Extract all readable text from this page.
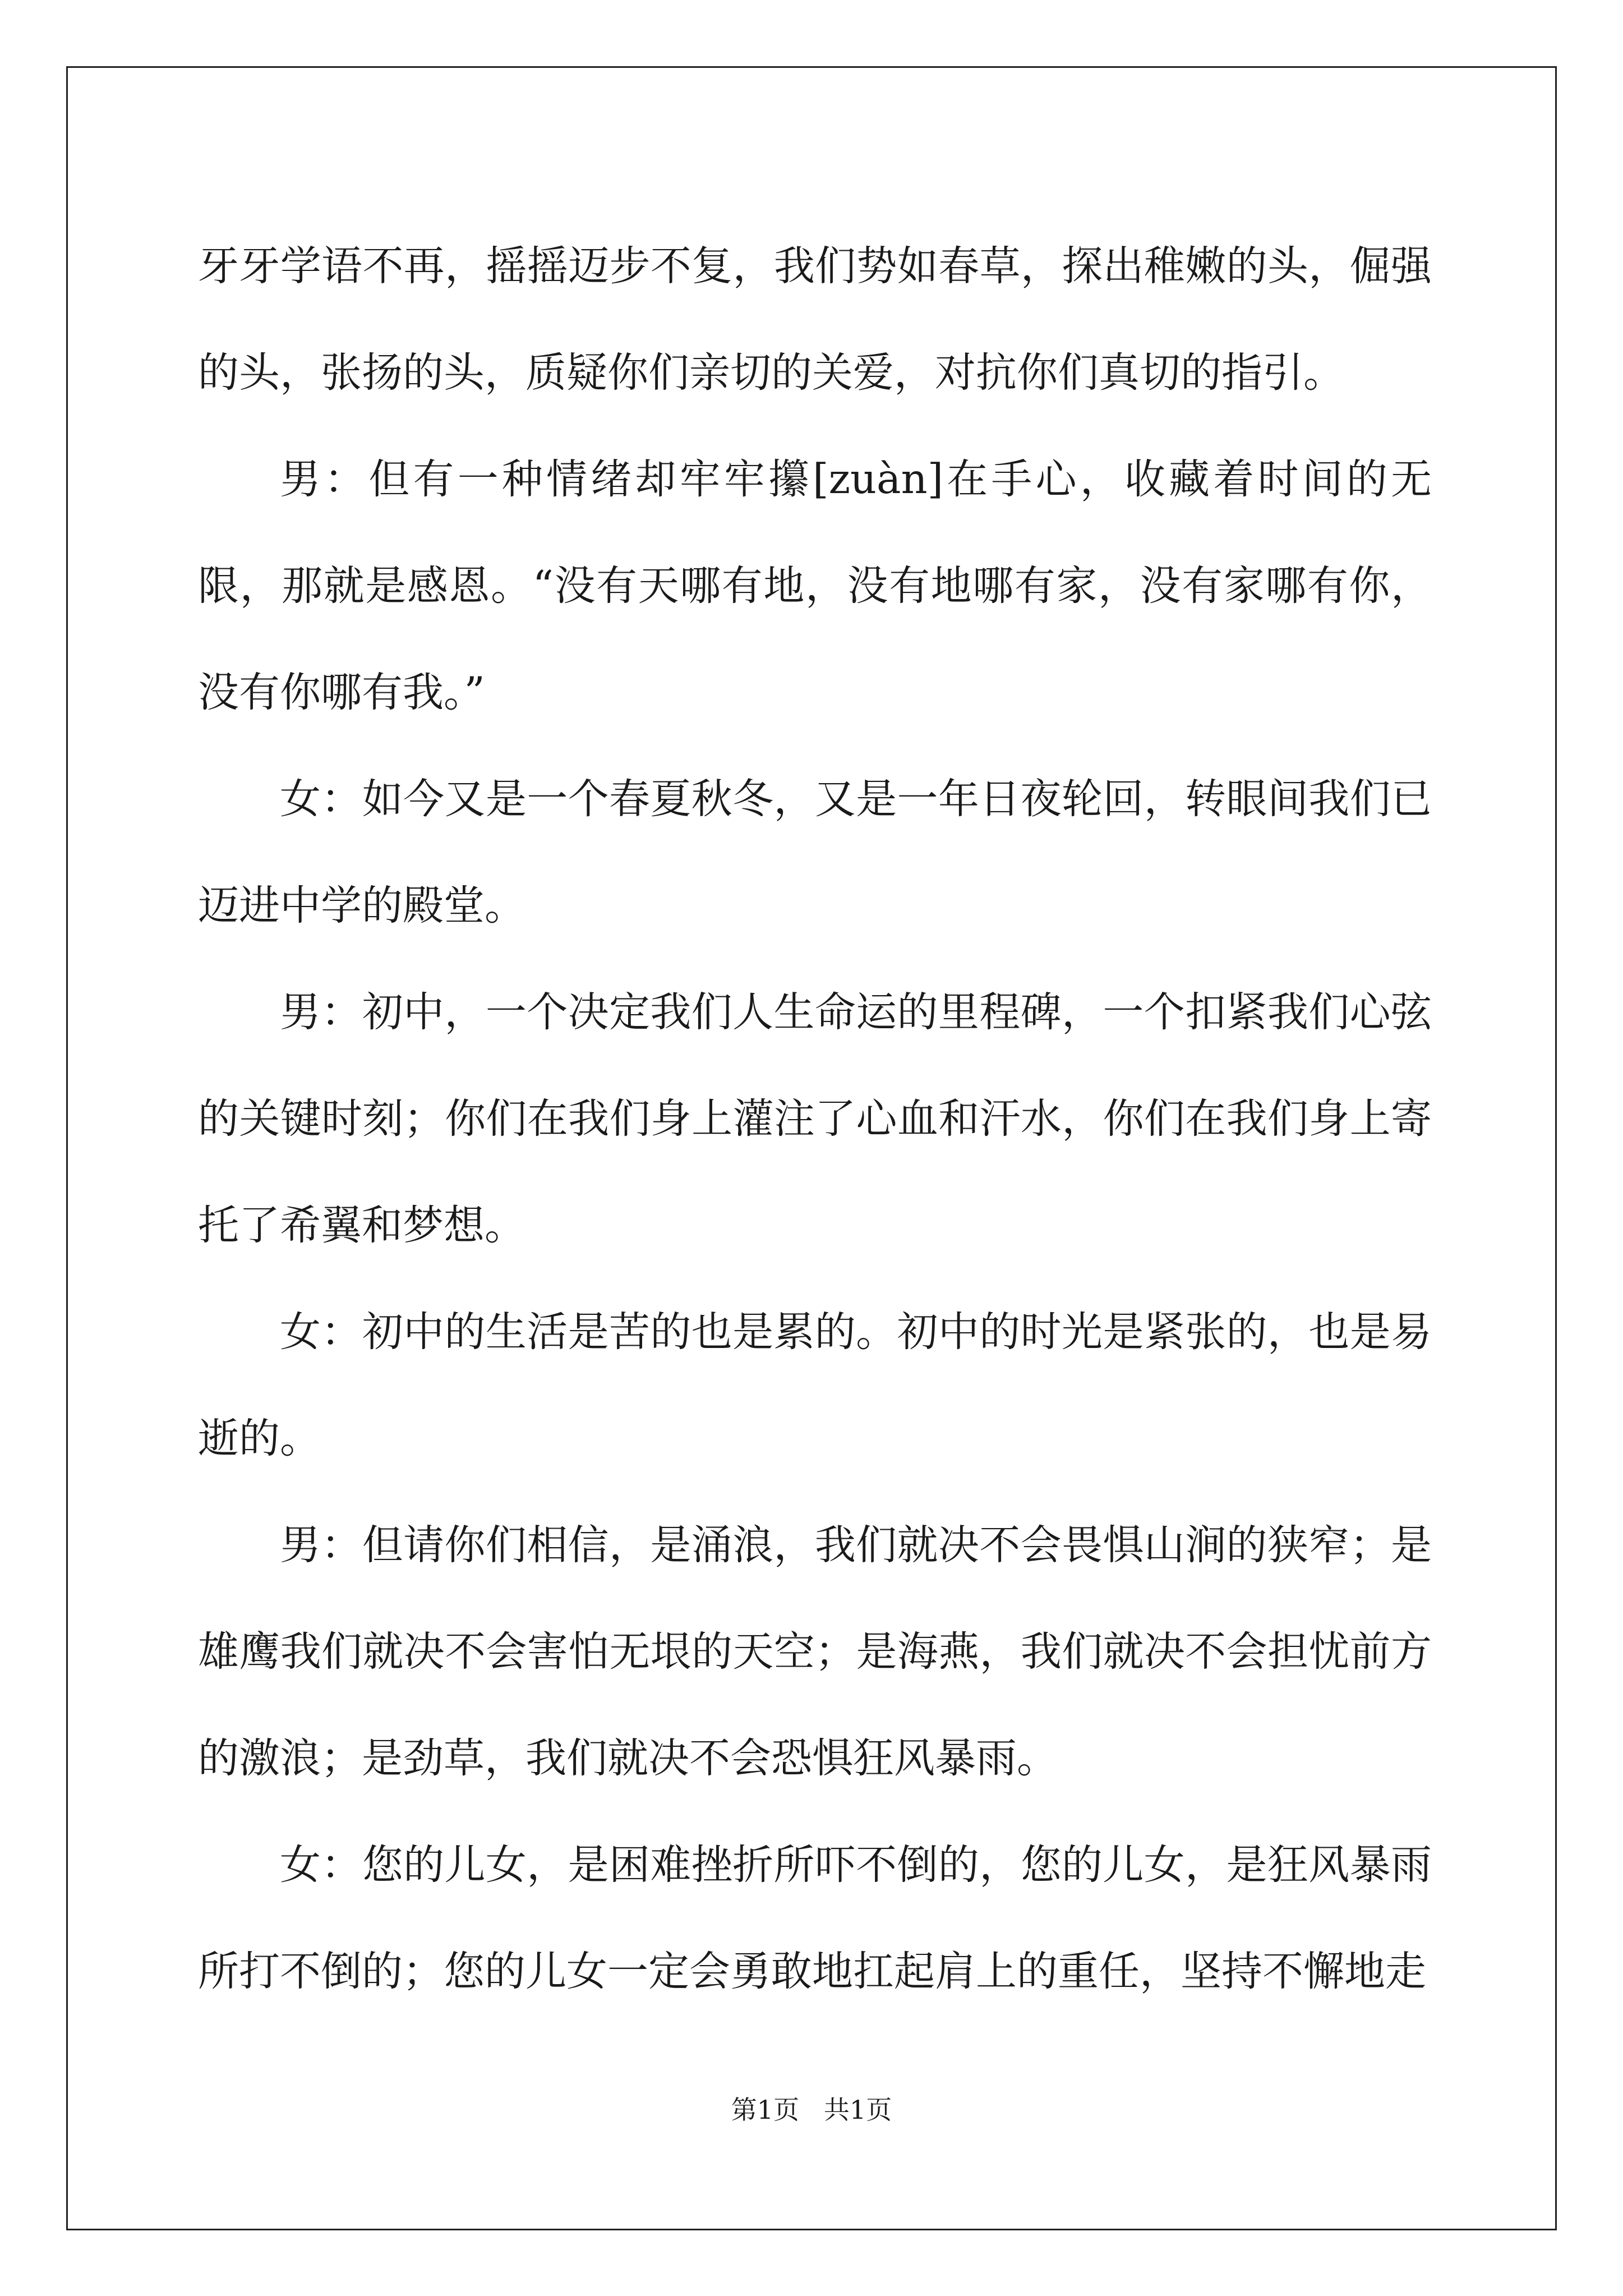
牙牙学语不再，摇摇迈步不复，我们势如春草，探出稚嫩的头，倔强的头，张扬的头，质疑你们亲切的关爱，对抗你们真切的指引。

男：但有一种情绪却牢牢攥[zuàn]在手心，收藏着时间的无限，那就是感恩。“没有天哪有地，没有地哪有家，没有家哪有你，没有你哪有我。”

女：如今又是一个春夏秋冬，又是一年日夜轮回，转眼间我们已迈进中学的殿堂。

男：初中，一个决定我们人生命运的里程碑，一个扣紧我们心弦的关键时刻；你们在我们身上灌注了心血和汗水，你们在我们身上寄托了希翼和梦想。

女：初中的生活是苦的也是累的。初中的时光是紧张的，也是易逝的。

男：但请你们相信，是涌浪，我们就决不会畏惧山涧的狭窄；是雄鹰我们就决不会害怕无垠的天空；是海燕，我们就决不会担忧前方的激浪；是劲草，我们就决不会恐惧狂风暴雨。

女：您的儿女，是困难挫折所吓不倒的，您的儿女，是狂风暴雨所打不倒的；您的儿女一定会勇敢地扛起肩上的重任，坚持不懈地走

第1页   共1页
